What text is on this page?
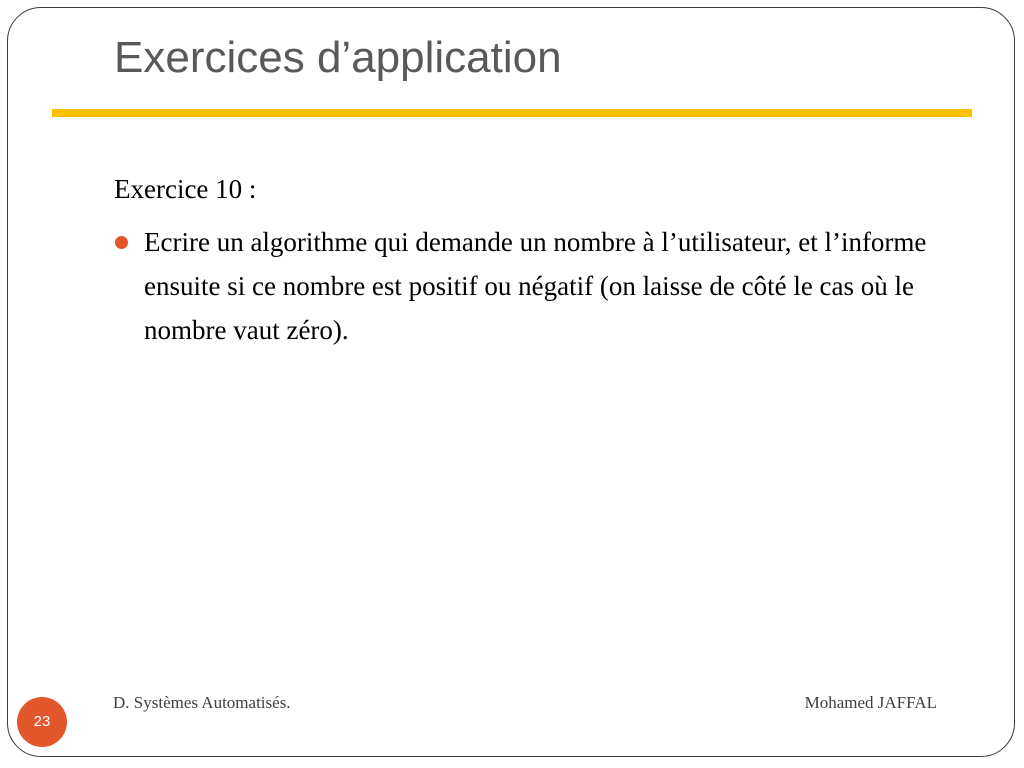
Exercices d’application

Exercice 10 :

Ecrire un algorithme qui demande un nombre à l’utilisateur, et l’informe ensuite si ce nombre est positif ou négatif (on laisse de côté le cas où le nombre vaut zéro).

D. Systèmes Automatisés.	Mohamed JAFFAL
23
